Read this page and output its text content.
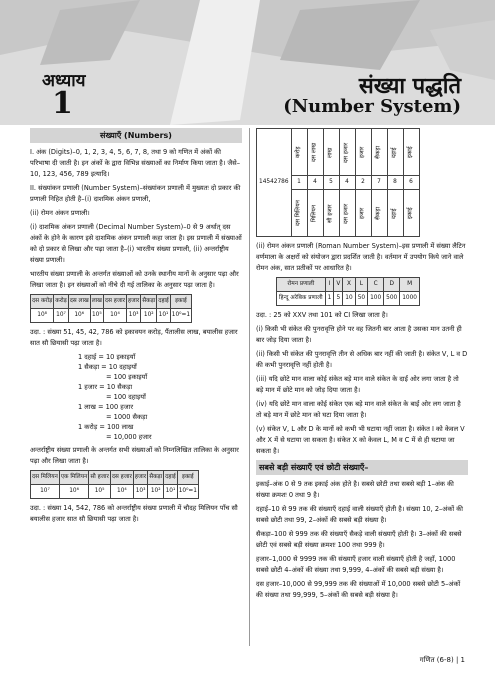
अध्याय
1	संख्या पद्धति
(Number System)
संख्याएँ (Numbers)

I. अंक (Digits)–0, 1, 2, 3, 4, 5, 6, 7, 8, तथा 9 को गणित में अंकों की परिभाषा दी जाती है। इन अंकों के द्वारा विभिन्न संख्याओं का निर्माण किया जाता है। जैसे–10, 123, 456, 789 इत्यादि।

II. संख्यांकन प्रणाली (Number System)–संख्यांकन प्रणाली में मुख्यतः दो प्रकार की प्रणाली निहित होती है–(i) दाशमिक अंकन प्रणाली,

(ii) रोमन अंकन प्रणाली।

(i) दाशमिक अंकन प्रणाली (Decimal Number System)–0 से 9 अर्थात् दस अंकों के होने के कारण इसे दाशमिक अंकन प्रणाली कहा जाता है। इस प्रणाली में संख्याओं को दो प्रकार से लिखा और पढ़ा जाता है–(i) भारतीय संख्या प्रणाली, (ii) अन्तर्राष्ट्रीय संख्या प्रणाली।

भारतीय संख्या प्रणाली के अन्तर्गत संख्याओं को उनके स्थानीय मानों के अनुसार पढ़ा और लिखा जाता है। इन संख्याओं को नीचे दी गई तालिका के अनुसार पढ़ा जाता है।

दस करोड़	करोड़	दस लाख	लाख	दस हजार	हजार	सैकड़ा	दहाई	इकाई
10⁸	10⁷	10⁶	10⁵	10⁴	10³	10²	10¹	10⁰=1

उदा. : संख्या 51, 45, 42, 786 को इकावयन करोड़, पैंतालीस लाख, बयालीस हजार सात सौ छियासी पढ़ा जाता है।

1 दहाई = 10 इकाइयाँ
1 सैकड़ा = 10 दहाइयाँ
= 100 इकाइयाँ
1 हजार = 10 सैकड़ा
= 100 दहाइयाँ
1 लाख = 100 हजार
= 1000 सैकड़ा
1 करोड़ = 100 लाख
= 10,000 हजार

अन्तर्राष्ट्रीय संख्या प्रणाली के अन्तर्गत सभी संख्याओं को निम्नलिखित तालिका के अनुसार पढ़ा और लिखा जाता है।

दस मिलियन	एक मिलियन	सौ हजार	दस हजार	हजार	सैकड़ा	दहाई	इकाई
10⁷	10⁶	10⁵	10⁴	10³	10²	10¹	10⁰=1

उदा. : संख्या 14, 542, 786 को अन्तर्राष्ट्रीय संख्या प्रणाली में चौदह मिलियन पाँच सौ बयालीस हजार सात सौ छियासी पढ़ा जाता है।

14542786	करोड़	दस लाख	लाख	दस हजार	हजार	सैकड़ा	दहाई	इकाई
	1	4	5	4	2	7	8	6
	दस मिलियन	मिलियन	सौ हजार	दस हजार	हजार	सैकड़ा	दहाई	इकाई

(ii) रोमन अंकन प्रणाली (Roman Number System)–इस प्रणाली में संख्या लैटिन वर्णमाला के अक्षरों को संयोजन द्वारा प्रदर्शित जाती है। वर्तमान में उपयोग किये जाने वाले रोमन अंक, सात प्रतीकों पर आधारित है।

रोमन प्रणाली	I	V	X	L	C	D	M
हिन्दू अरेबिक प्रणाली	1	5	10	50	100	500	1000

उदा. : 25 को XXV तथा 101 को CI लिखा जाता है।

(i) किसी भी संकेत की पुनरावृत्ति होने पर वह जितनी बार आता है उसका मान उतनी ही बार जोड़ दिया जाता है।

(ii) किसी भी संकेत की पुनरावृत्ति तीन से अधिक बार नहीं की जाती है। संकेत V, L व D की कभी पुनरावृत्ति नहीं होती है।

(iii) यदि छोटे मान वाला कोई संकेत बड़े मान वाले संकेत के दाईं ओर लगा जाता है तो बड़े मान में छोटे मान को जोड़ दिया जाता है।

(iv) यदि छोटे मान वाला कोई संकेत एक बड़े मान वाले संकेत के बाईं ओर लग जाता है तो बड़े मान में छोटे मान को घटा दिया जाता है।

(v) संकेत V, L और D के मानों को कभी भी घटाया नहीं जाता है। संकेत I को केवल V और X में से घटाया जा सकता है। संकेत X को केवल L, M व C में से ही घटाया जा सकता है।

सबसे बड़ी संख्याएँ एवं छोटी संख्याएँ–

इकाई–अंक 0 से 9 तक इकाई अंक होते है। सबसे छोटी तथा सबसे बड़ी 1–अंक की संख्या क्रमशः 0 तथा 9 है।

दहाई–10 से 99 तक की संख्याएँ दहाई वाली संख्याएँ होती है। संख्या 10, 2–अंकों की सबसे छोटी तथा 99, 2–अंकों की सबसे बड़ी संख्या है।

सैकड़ा–100 से 999 तक की संख्याएँ सैकड़े वाली संख्याएँ होती है। 3–अंकों की सबसे छोटी एवं सबसे बड़ी संख्या क्रमशः 100 तथा 999 है।

हजार–1,000 से 9999 तक की संख्याएँ हजार वाली संख्याएँ होती है जहाँ, 1000 सबसे छोटी 4–अंकों की संख्या तथा 9,999, 4–अंकों की सबसे बड़ी संख्या है।

दस हजार–10,000 से 99,999 तक की संख्याओं में 10,000 सबसे छोटी 5–अंकों की संख्या तथा 99,999, 5–अंकों की सबसे बड़ी संख्या है।

गणित (6-8) | 1
